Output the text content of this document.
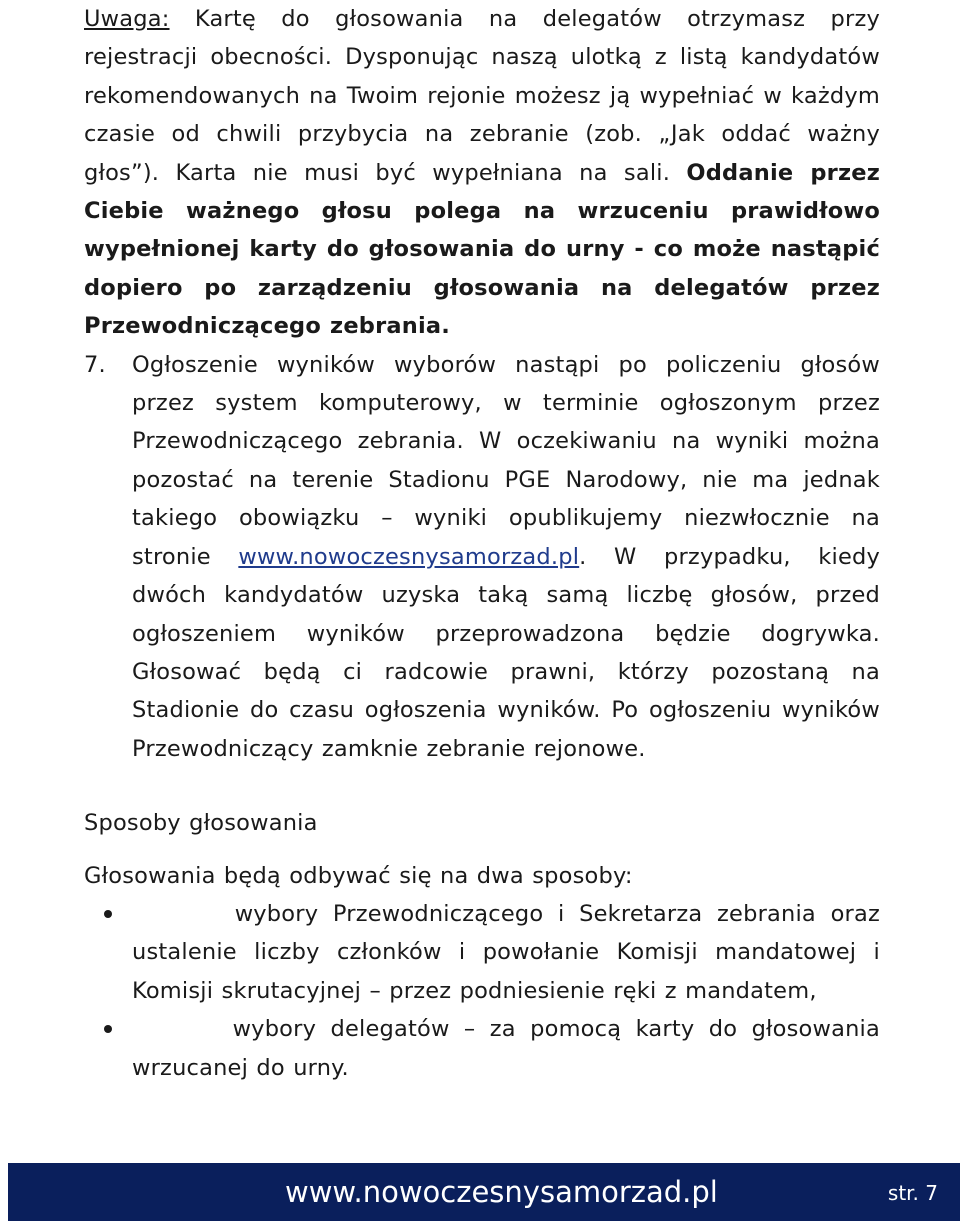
Uwaga: Kartę do głosowania na delegatów otrzymasz przy rejestracji obecności. Dysponując naszą ulotką z listą kandydatów rekomendowanych na Twoim rejonie możesz ją wypełniać w każdym czasie od chwili przybycia na zebranie (zob. „Jak oddać ważny głos”). Karta nie musi być wypełniana na sali. Oddanie przez Ciebie ważnego głosu polega na wrzuceniu prawidłowo wypełnionej karty do głosowania do urny - co może nastąpić dopiero po zarządzeniu głosowania na delegatów przez Przewodniczącego zebrania.

7. Ogłoszenie wyników wyborów nastąpi po policzeniu głosów przez system komputerowy, w terminie ogłoszonym przez Przewodniczącego zebrania. W oczekiwaniu na wyniki można pozostać na terenie Stadionu PGE Narodowy, nie ma jednak takiego obowiązku – wyniki opublikujemy niezwłocznie na stronie www.nowoczesnysamorzad.pl. W przypadku, kiedy dwóch kandydatów uzyska taką samą liczbę głosów, przed ogłoszeniem wyników przeprowadzona będzie dogrywka. Głosować będą ci radcowie prawni, którzy pozostaną na Stadionie do czasu ogłoszenia wyników. Po ogłoszeniu wyników Przewodniczący zamknie zebranie rejonowe.
Sposoby głosowania
Głosowania będą odbywać się na dwa sposoby:
wybory Przewodniczącego i Sekretarza zebrania oraz ustalenie liczby członków i powołanie Komisji mandatowej i Komisji skrutacyjnej – przez podniesienie ręki z mandatem,
wybory delegatów – za pomocą karty do głosowania wrzucanej do urny.
www.nowoczesnysamorzad.pl	str. 7
